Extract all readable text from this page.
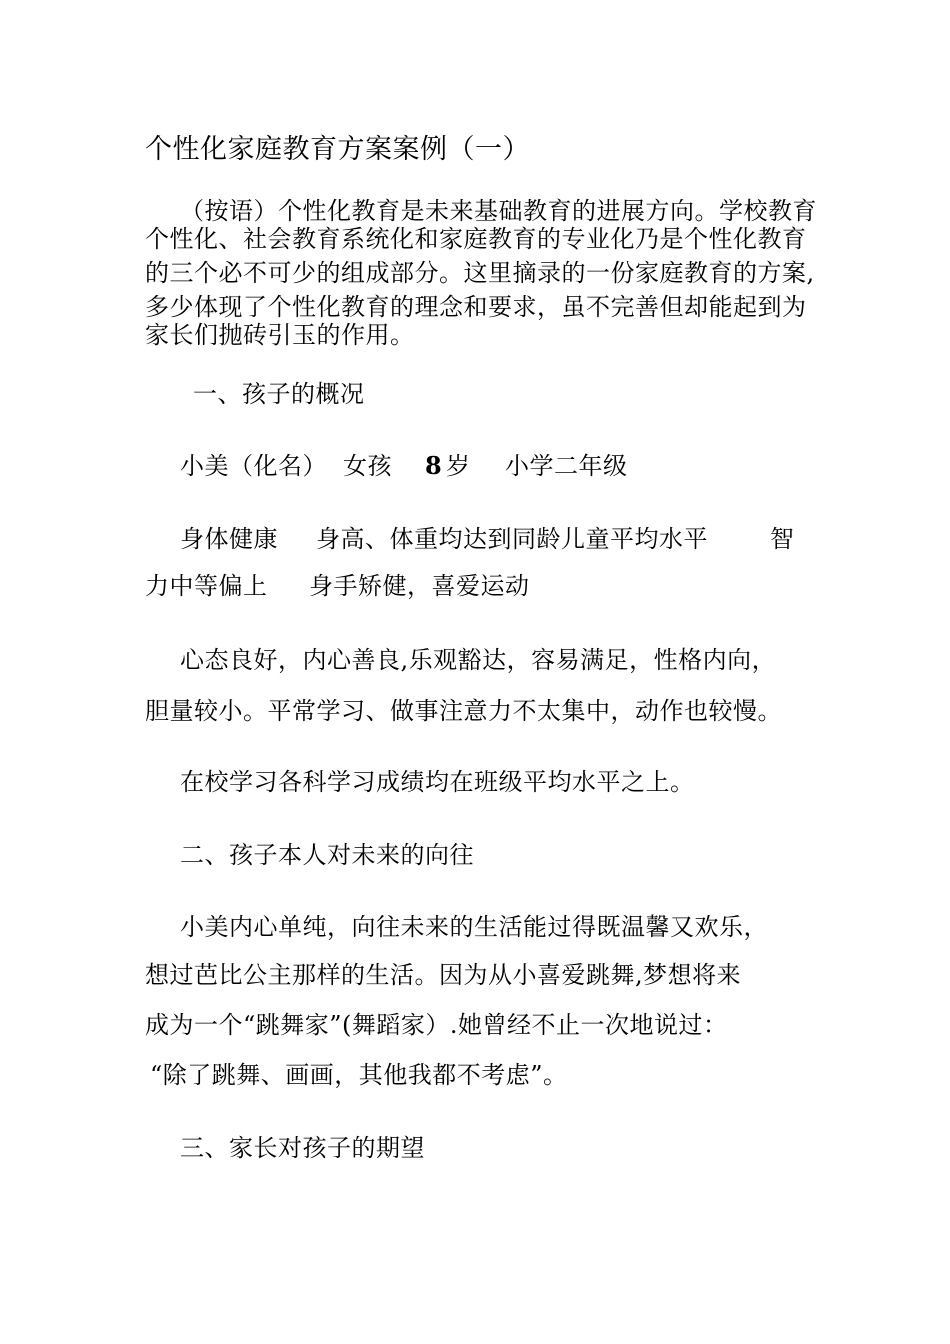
个性化家庭教育方案案例（一）
（按语）个性化教育是未来基础教育的进展方向。学校教育
个性化、社会教育系统化和家庭教育的专业化乃是个性化教育
的三个必不可少的组成部分。这里摘录的一份家庭教育的方案,
多少体现了个性化教育的理念和要求，虽不完善但却能起到为
家长们抛砖引玉的作用。
一、孩子的概况
小美（化名） 女孩 8 岁 小学二年级
身体健康 身高、体重均达到同龄儿童平均水平	智
力中等偏上 身手矫健，喜爱运动
心态良好，内心善良,乐观豁达，容易满足，性格内向，
胆量较小。平常学习、做事注意力不太集中，动作也较慢。
在校学习各科学习成绩均在班级平均水平之上。
二、孩子本人对未来的向往
小美内心单纯，向往未来的生活能过得既温馨又欢乐，
想过芭比公主那样的生活。因为从小喜爱跳舞,梦想将来
成为一个“跳舞家”(舞蹈家）.她曾经不止一次地说过：
“除了跳舞、画画，其他我都不考虑”。
三、家长对孩子的期望
